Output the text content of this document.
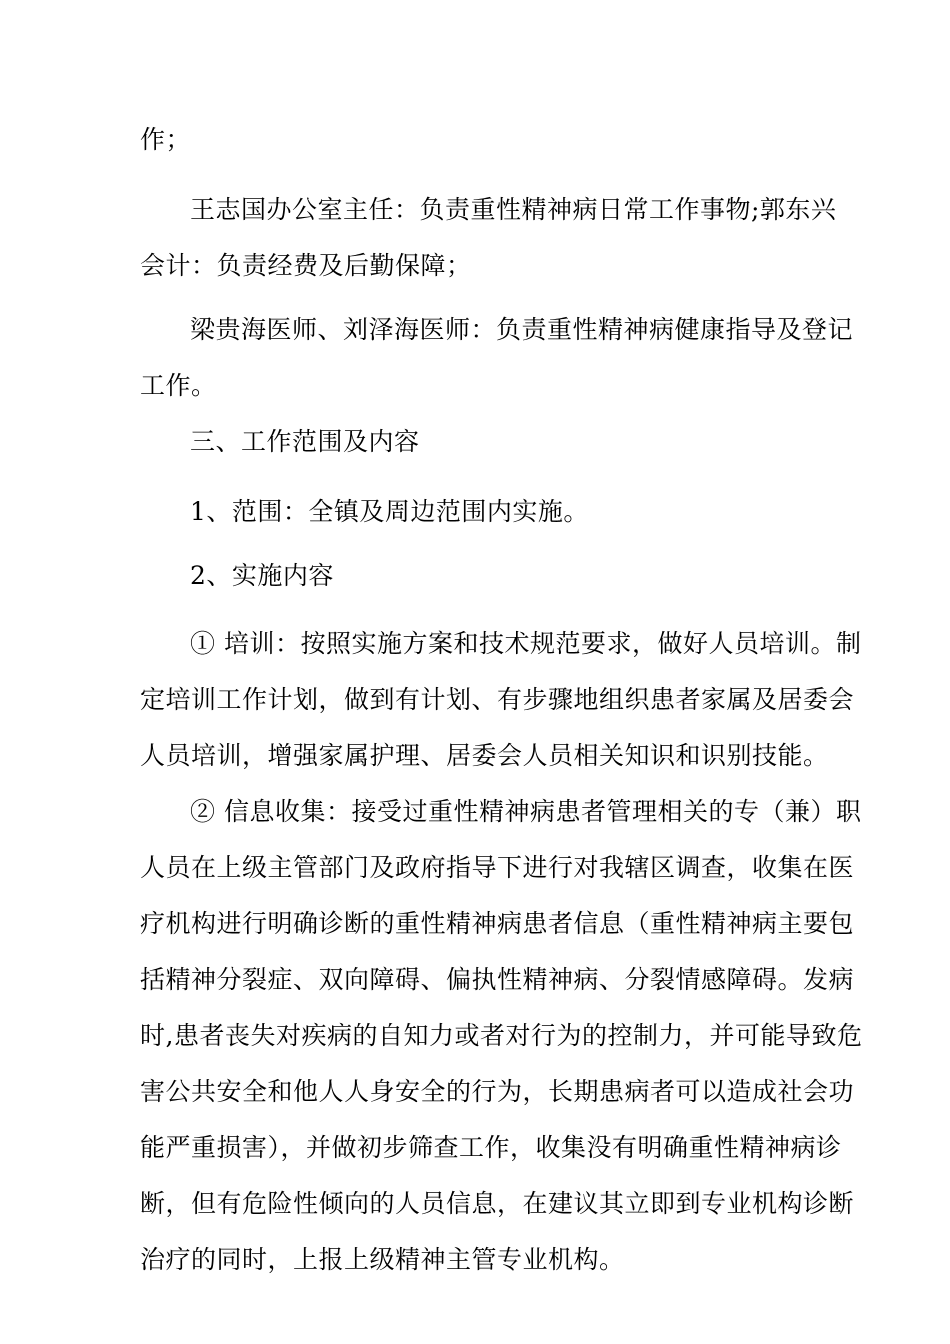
作；

王志国办公室主任：负责重性精神病日常工作事物;郭东兴
会计：负责经费及后勤保障；

梁贵海医师、刘泽海医师：负责重性精神病健康指导及登记
工作。

三、工作范围及内容

1、范围：全镇及周边范围内实施。

2、实施内容

① 培训：按照实施方案和技术规范要求，做好人员培训。制
定培训工作计划，做到有计划、有步骤地组织患者家属及居委会
人员培训，增强家属护理、居委会人员相关知识和识别技能。

② 信息收集：接受过重性精神病患者管理相关的专（兼）职
人员在上级主管部门及政府指导下进行对我辖区调查，收集在医
疗机构进行明确诊断的重性精神病患者信息（重性精神病主要包
括精神分裂症、双向障碍、偏执性精神病、分裂情感障碍。发病
时,患者丧失对疾病的自知力或者对行为的控制力，并可能导致危
害公共安全和他人人身安全的行为，长期患病者可以造成社会功
能严重损害），并做初步筛查工作，收集没有明确重性精神病诊
断，但有危险性倾向的人员信息，在建议其立即到专业机构诊断
治疗的同时，上报上级精神主管专业机构。
